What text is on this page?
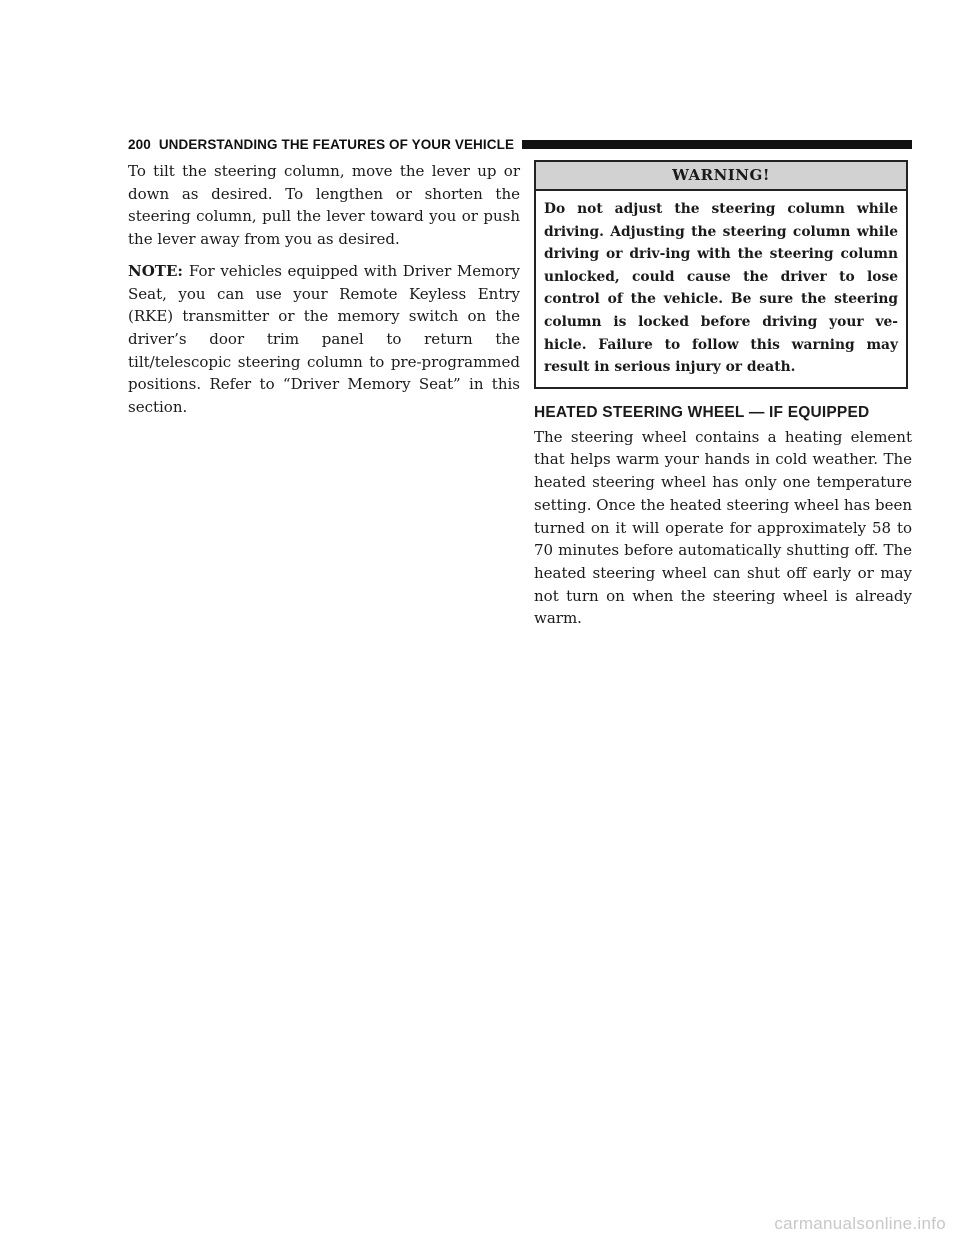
200 UNDERSTANDING THE FEATURES OF YOUR VEHICLE

To tilt the steering column, move the lever up or down as desired. To lengthen or shorten the steering column, pull the lever toward you or push the lever away from you as desired.

NOTE: For vehicles equipped with Driver Memory Seat, you can use your Remote Keyless Entry (RKE) transmitter or the memory switch on the driver’s door trim panel to return the tilt/telescopic steering column to pre-programmed positions. Refer to “Driver Memory Seat” in this section.

WARNING!
Do not adjust the steering column while driving. Adjusting the steering column while driving or driv-ing with the steering column unlocked, could cause the driver to lose control of the vehicle. Be sure the steering column is locked before driving your ve-hicle. Failure to follow this warning may result in serious injury or death.
HEATED STEERING WHEEL — IF EQUIPPED

The steering wheel contains a heating element that helps warm your hands in cold weather. The heated steering wheel has only one temperature setting. Once the heated steering wheel has been turned on it will operate for approximately 58 to 70 minutes before automatically shutting off. The heated steering wheel can shut off early or may not turn on when the steering wheel is already warm.

carmanualsonline.info
